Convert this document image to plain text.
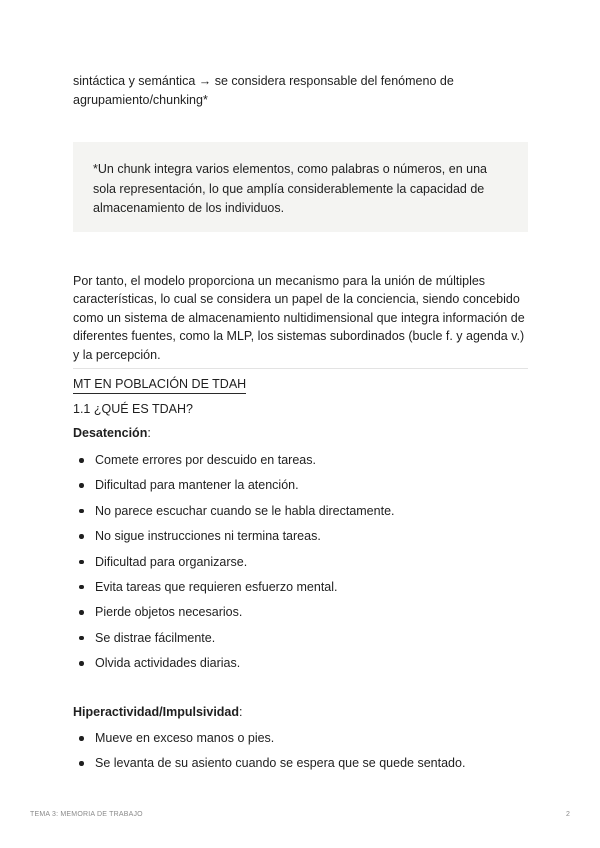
sintáctica y semántica → se considera responsable del fenómeno de agrupamiento/chunking*

*Un chunk integra varios elementos, como palabras o números, en una sola representación, lo que amplía considerablemente la capacidad de almacenamiento de los individuos.

Por tanto, el modelo proporciona un mecanismo para la unión de múltiples características, lo cual se considera un papel de la conciencia, siendo concebido como un sistema de almacenamiento nultidimensional que integra información de diferentes fuentes, como la MLP, los sistemas subordinados (bucle f. y agenda v.) y la percepción.

MT EN POBLACIÓN DE TDAH
1.1 ¿QUÉ ES TDAH?
Desatención:
Comete errores por descuido en tareas.
Dificultad para mantener la atención.
No parece escuchar cuando se le habla directamente.
No sigue instrucciones ni termina tareas.
Dificultad para organizarse.
Evita tareas que requieren esfuerzo mental.
Pierde objetos necesarios.
Se distrae fácilmente.
Olvida actividades diarias.
Hiperactividad/Impulsividad:
Mueve en exceso manos o pies.
Se levanta de su asiento cuando se espera que se quede sentado.
TEMA 3: MEMORIA DE TRABAJO	2
